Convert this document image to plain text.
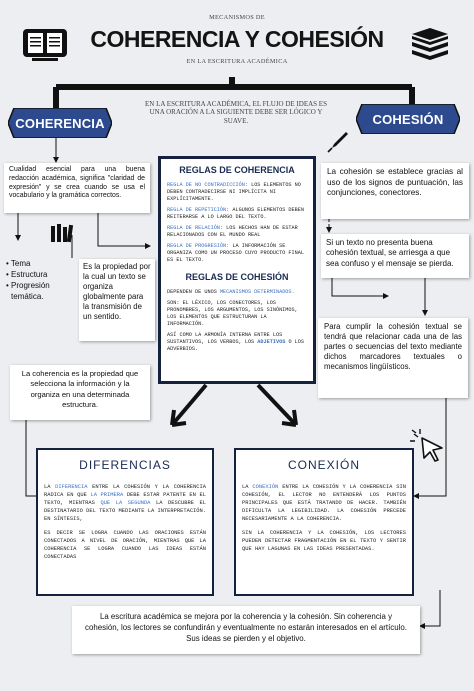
MECANISMOS DE
COHERENCIA Y COHESIÓN
EN LA ESCRITURA ACADÉMICA
EN LA ESCRITURA ACADÉMICA, EL FLUJO DE IDEAS ES UNA ORACIÓN A LA SIGUIENTE DEBE SER LÓGICO Y SUAVE.
COHERENCIA	COHESIÓN
Cualidad esencial para una buena redacción académica, significa "claridad de expresión" y se crea cuando se usa el vocabulario y la gramática correctos.
• Tema
• Estructura
• Progresión temática.
Es la propiedad por la cual un texto se organiza globalmente para la transmisión de un sentido.
La coherencia es la propiedad que selecciona la información y la organiza en una determinada estructura.
REGLAS DE COHERENCIA

REGLA DE NO CONTRADICCIÓN: LOS ELEMENTOS NO DEBEN CONTRADECIRSE NI IMPLÍCITA NI EXPLÍCITAMENTE.

REGLA DE REPETICIÓN: ALGUNOS ELEMENTOS DEBEN REITERARSE A LO LARGO DEL TEXTO.

REGLA DE RELACIÓN: LOS HECHOS HAN DE ESTAR RELACIONADOS CON EL MUNDO REAL

REGLA DE PROGRESIÓN: LA INFORMACIÓN SE ORGANIZA COMO UN PROCESO CUYO PRODUCTO FINAL ES EL TEXTO.

REGLAS DE COHESIÓN

DEPENDEN DE UNOS MECANISMOS DETERMINADOS.

SON: EL LÉXICO, LOS CONECTORES, LOS PRONOMBRES, LOS ARGUMENTOS, LOS SINÓNIMOS, LOS ELEMENTOS QUE ESTRUCTURAN LA INFORMACIÓN.

ASÍ COMO LA ARMONÍA INTERNA ENTRE LOS SUSTANTIVOS, LOS VERBOS, LOS ADJETIVOS O LOS ADVERBIOS.

La cohesión se establece gracias al uso de los signos de puntuación, las conjunciones, conectores.
Si un texto no presenta buena cohesión textual, se arriesga a que sea confuso y el mensaje se pierda.
Para cumplir la cohesión textual se tendrá que relacionar cada una de las partes o secuencias del texto mediante dichos marcadores textuales o mecanismos lingüísticos.
DIFERENCIAS

LA DIFERENCIA ENTRE LA COHESIÓN Y LA COHERENCIA RADICA EN QUE LA PRIMERA DEBE ESTAR PATENTE EN EL TEXTO, MIENTRAS QUE LA SEGUNDA LA DESCUBRE EL DESTINATARIO DEL TEXTO MEDIANTE LA INTERPRETACIÓN. EN SÍNTESIS,

ES DECIR SE LOGRA CUANDO LAS ORACIONES ESTÁN CONECTADOS A NIVEL DE ORACIÓN, MIENTRAS QUE LA COHERENCIA SE LOGRA CUANDO LAS IDEAS ESTÁN CONECTADAS

CONEXIÓN

LA CONEXIÓN ENTRE LA COHESIÓN Y LA COHERENCIA SIN COHESIÓN, EL LECTOR NO ENTENDERÁ LOS PUNTOS PRINCIPALES QUE ESTÁ TRATANDO DE HACER. TAMBIÉN DIFICULTA LA LEGIBILIDAD. LA COHESIÓN PRECEDE NECESARIAMENTE A LA COHERENCIA.

SIN LA COHERENCIA Y LA COHESIÓN, LOS LECTORES PUEDEN DETECTAR FRAGMENTACIÓN EN EL TEXTO Y SENTIR QUE HAY LAGUNAS EN LAS IDEAS PRESENTADAS.

La escritura académica se mejora por la coherencia y la cohesión. Sin coherencia y cohesión, los lectores se confundirán y eventualmente no estarán interesados en el artículo. Sus ideas se pierden y el objetivo.
